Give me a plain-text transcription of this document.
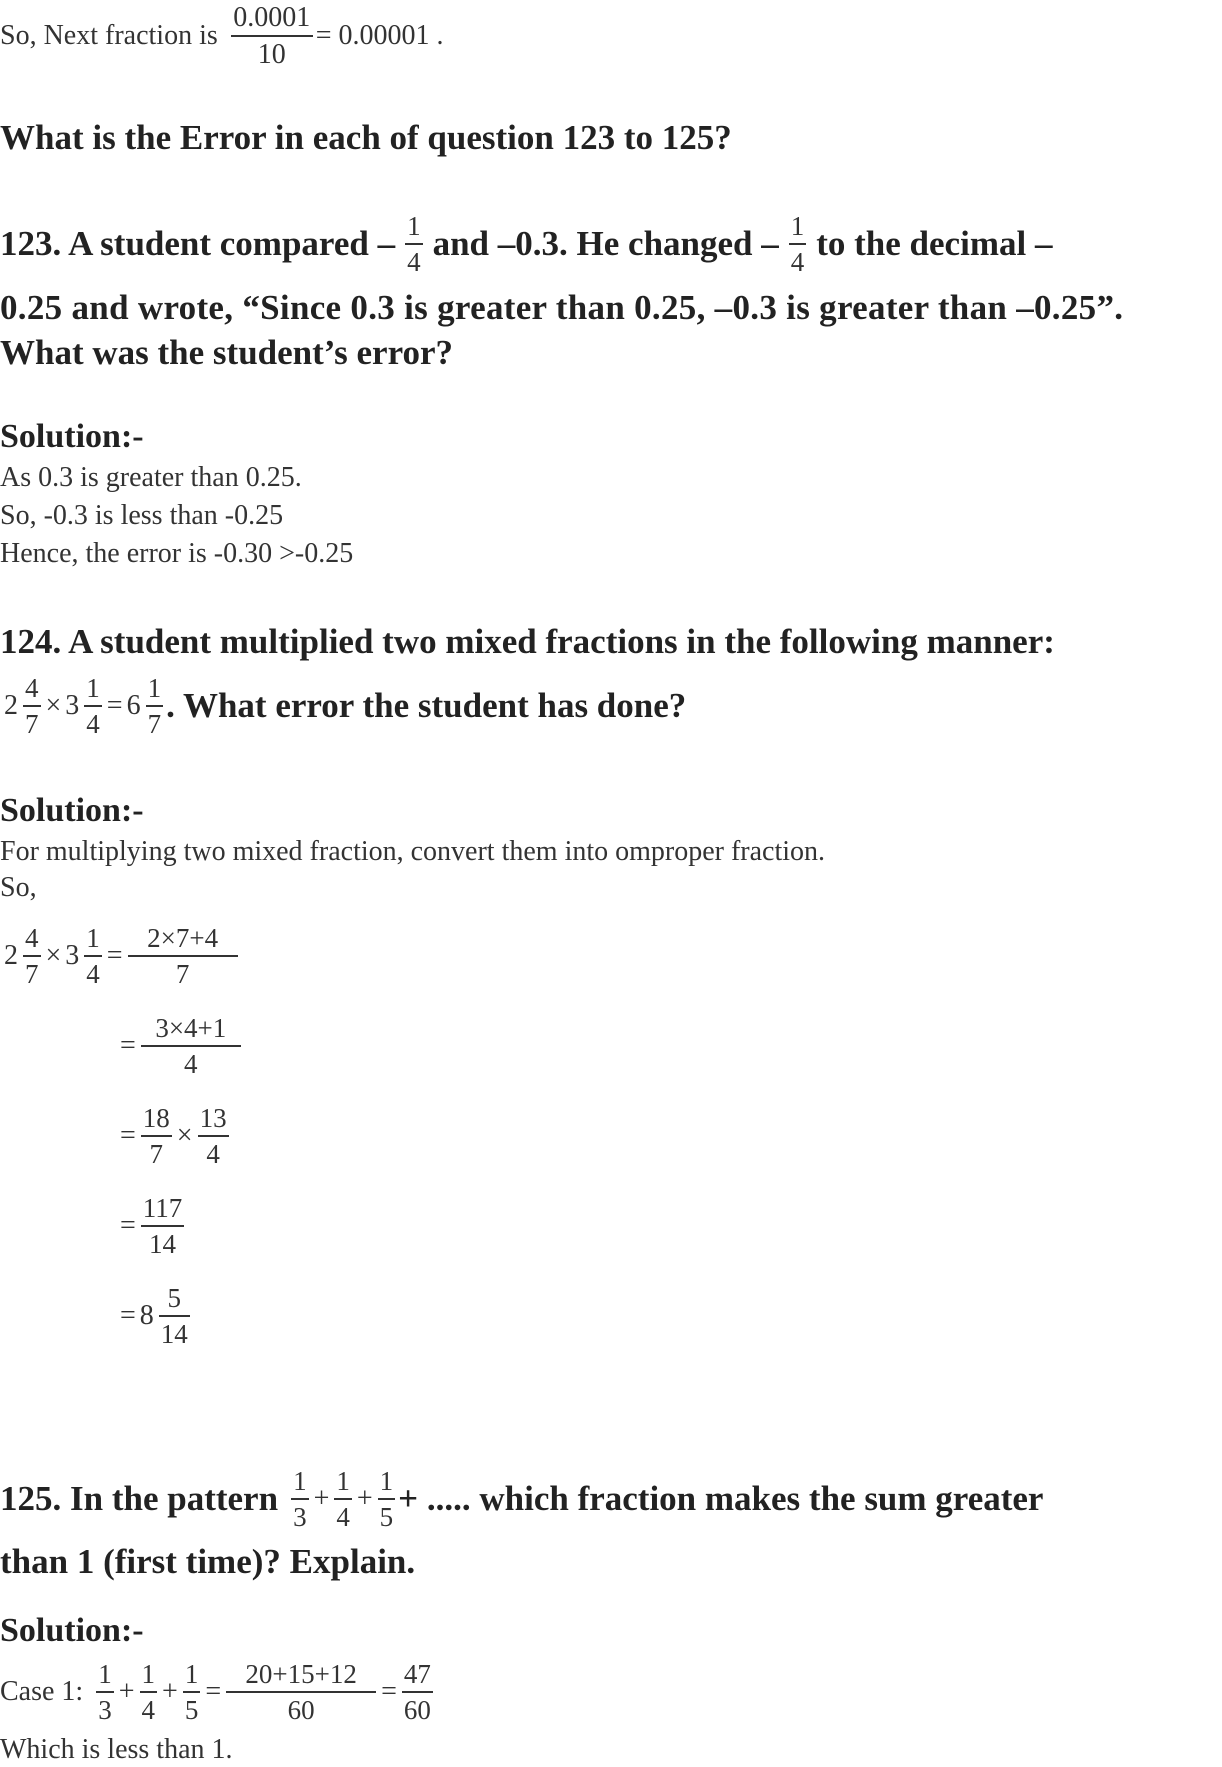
So, Next fraction is $\frac{0.0001}{10} = 0.00001$ .
What is the Error in each of question 123 to 125?
123. A student compared – $\frac{1}{4}$ and –0.3. He changed – $\frac{1}{4}$ to the decimal –
0.25 and wrote, “Since 0.3 is greater than 0.25, –0.3 is greater than –0.25”.
What was the student’s error?
Solution:-
As 0.3 is greater than 0.25.
So, -0.3 is less than -0.25
Hence, the error is -0.30 >-0.25
124. A student multiplied two mixed fractions in the following manner:
$2 \frac{4}{7} \times 3 \frac{1}{4} = 6 \frac{1}{7}$ . What error the student has done?
Solution:-
For multiplying two mixed fraction, convert them into omproper fraction.
So,
$2 \frac{4}{7} \times 3 \frac{1}{4} = \frac{2\times 7+4}{7}$
= $\frac{3\times 4+1}{4}$
= $\frac{18}{7} \times \frac{13}{4}$
= $\frac{117}{14}$
= $8 \frac{5}{14}$
125. In the pattern $\frac{1}{3} + \frac{1}{4} + \frac{1}{5}$ + ..... which fraction makes the sum greater
than 1 (first time)? Explain.
Solution:-
Case 1: $\frac{1}{3} + \frac{1}{4} + \frac{1}{5} = \frac{20+15+12}{60} = \frac{47}{60}$
Which is less than 1.
